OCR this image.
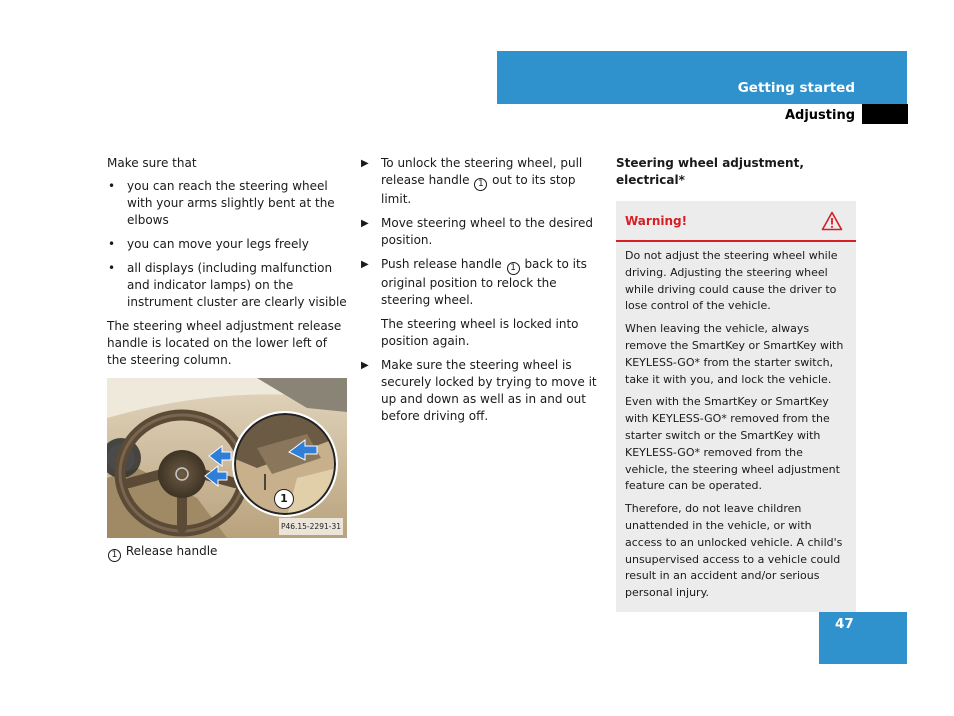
Getting started
Adjusting
Make sure that
• you can reach the steering wheel with your arms slightly bent at the elbows
• you can move your legs freely
• all displays (including malfunction and indicator lamps) on the instrument cluster are clearly visible
The steering wheel adjustment release handle is located on the lower left of the steering column.
1
P46.15-2291-31
1 Release handle
▶ To unlock the steering wheel, pull release handle 1 out to its stop limit.
▶ Move steering wheel to the desired position.
▶ Push release handle 1 back to its original position to relock the steering wheel.
The steering wheel is locked into position again.
▶ Make sure the steering wheel is securely locked by trying to move it up and down as well as in and out before driving off.
Steering wheel adjustment, electrical*
Warning!
Do not adjust the steering wheel while driving. Adjusting the steering wheel while driving could cause the driver to lose control of the vehicle.
When leaving the vehicle, always remove the SmartKey or SmartKey with KEYLESS-GO* from the starter switch, take it with you, and lock the vehicle.
Even with the SmartKey or SmartKey with KEYLESS-GO* removed from the starter switch or the SmartKey with KEYLESS-GO* removed from the vehicle, the steering wheel adjustment feature can be operated.
Therefore, do not leave children unattended in the vehicle, or with access to an unlocked vehicle. A child's unsupervised access to a vehicle could result in an accident and/or serious personal injury.
47
